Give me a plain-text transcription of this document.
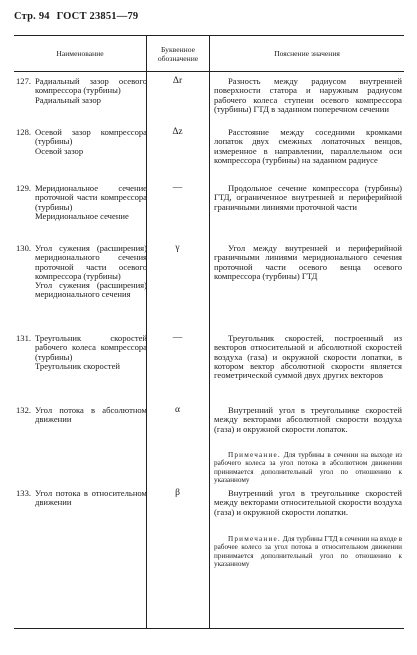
Стр. 94 ГОСТ 23851—79
Наименование	Буквенное обозначение	Пояснение значения
127. Радиальный зазор осевого компрессора (турбины)
Радиальный зазор
Δr	Разность между радиусом внутренней поверхности статора и наружным радиусом рабочего колеса ступени осевого компрессора (турбины) ГТД в заданном поперечном сечении
128. Осевой зазор компрессора (турбины)
Осевой зазор
Δz	Расстояние между соседними кромками лопаток двух смежных лопаточных венцов, измеренное в направлении, параллельном оси компрессора (турбины) на заданном радиусе
129. Меридиональное сечение проточной части компрессора (турбины)
Меридиональное сечение
—	Продольное сечение компрессора (турбины) ГТД, ограниченное внутренней и периферийной граничными линиями проточной части
130. Угол сужения (расширения) меридионального сечения проточной части осевого компрессора (турбины)
Угол сужения (расширения) меридионального сечения
γ	Угол между внутренней и периферийной граничными линиями меридионального сечения проточной части осевого венца осевого компрессора (турбины) ГТД
131. Треугольник скоростей рабочего колеса компрессора (турбины)
Треугольник скоростей
—	Треугольник скоростей, построенный из векторов относительной и абсолютной скоростей воздуха (газа) и окружной скорости лопатки, в котором вектор абсолютной скорости является геометрической суммой двух других векторов
132. Угол потока в абсолютном движении
α	Внутренний угол в треугольнике скоростей между векторами абсолютной скорости воздуха (газа) и окружной скорости лопаток.
Примечание. Для турбины в сечении на выходе из рабочего колеса за угол потока в абсолютном движении принимается дополнительный угол по отношению к указанному
133. Угол потока в относительном движении
β	Внутренний угол в треугольнике скоростей между векторами относительной скорости воздуха (газа) и окружной скорости лопатки.
Примечание. Для турбины ГТД в сечении на входе в рабочее колесо за угол потока в относительном движении принимается дополнительный угол по отношению к указанному
